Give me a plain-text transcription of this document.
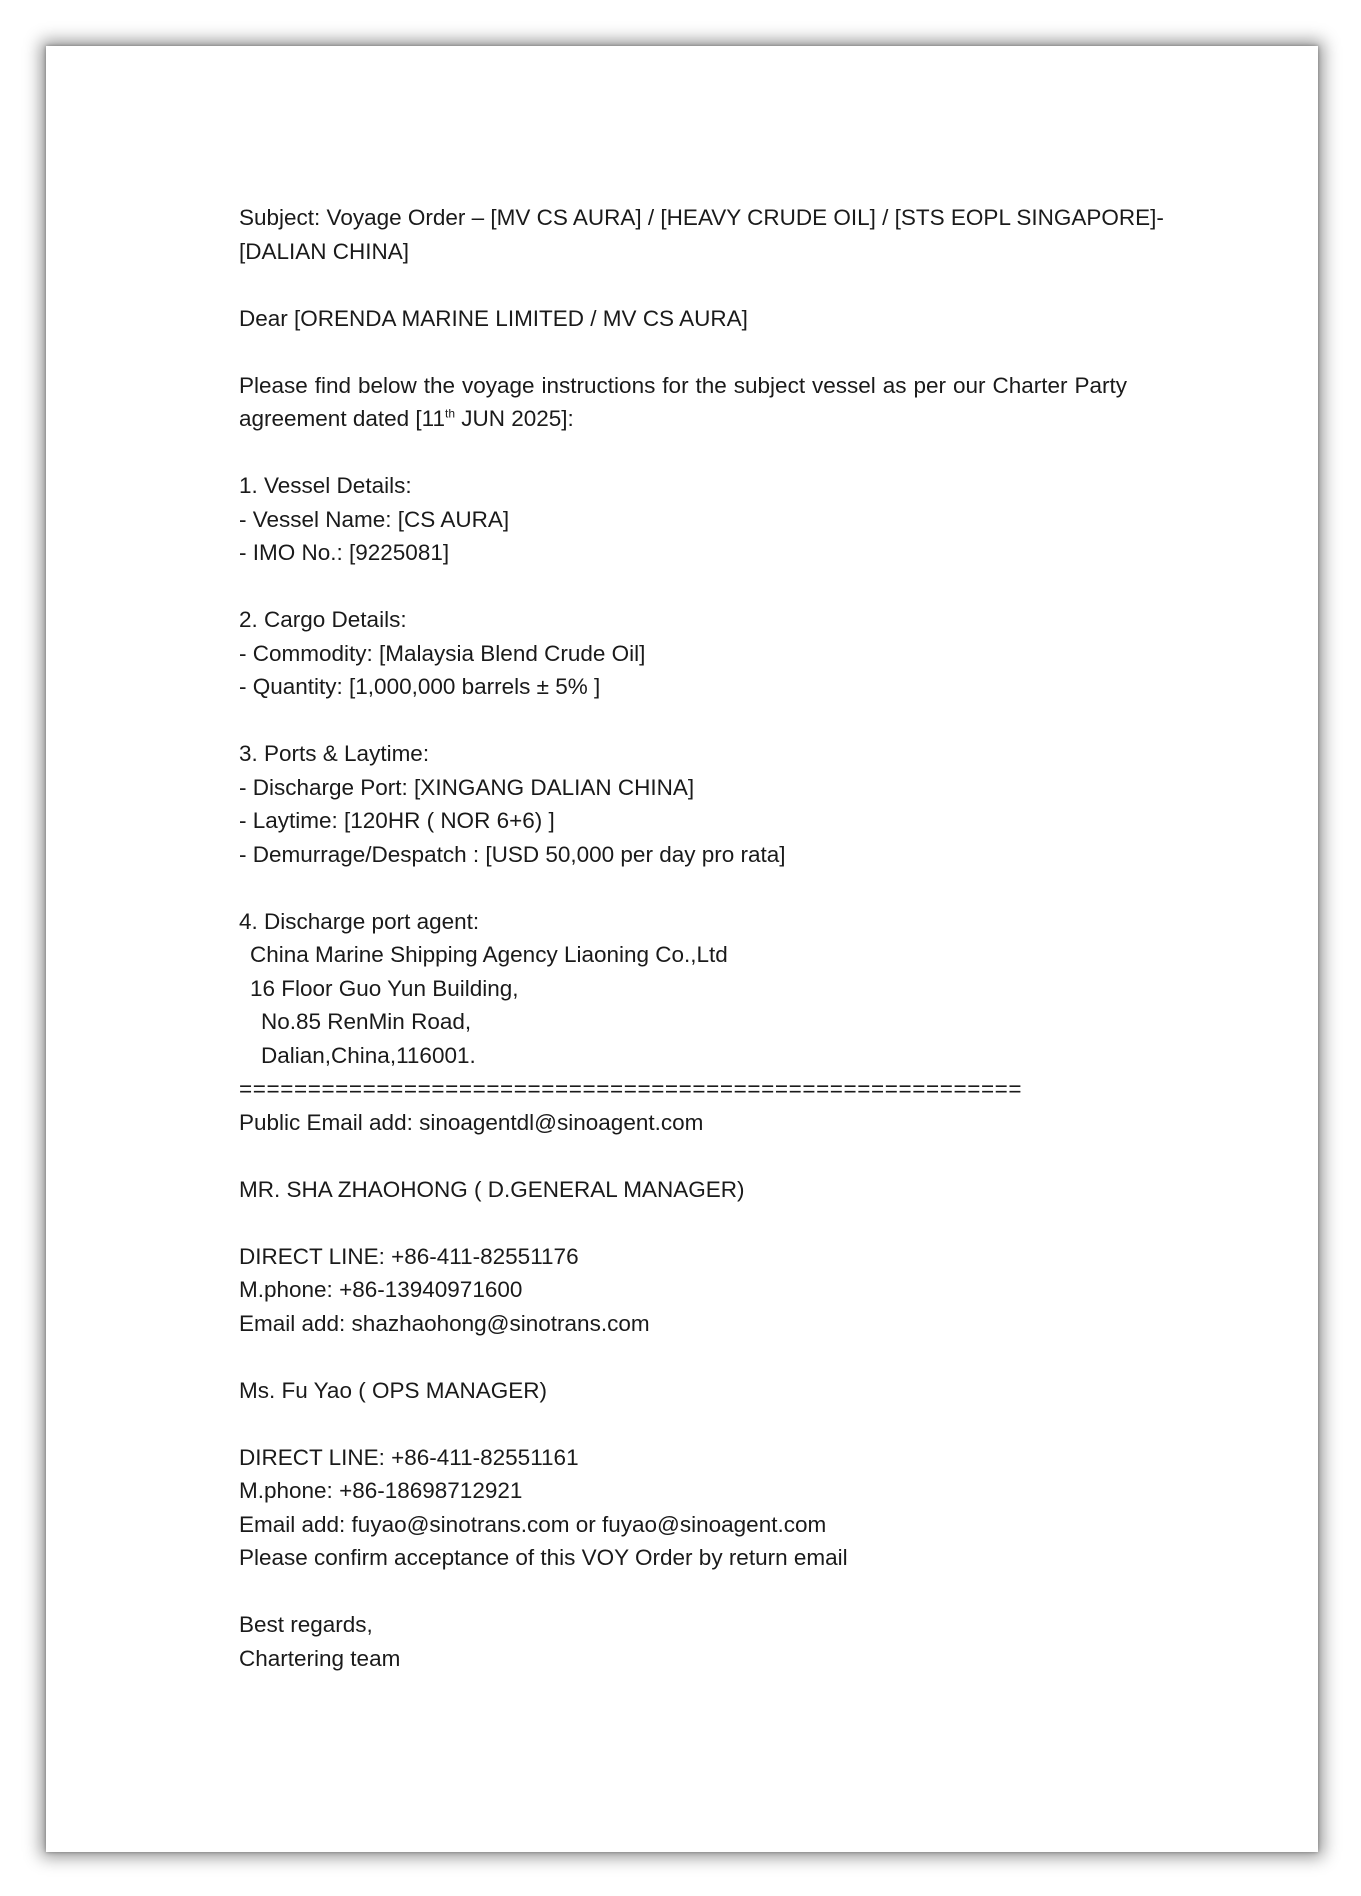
Subject: Voyage Order – [MV CS AURA] / [HEAVY CRUDE OIL] / [STS EOPL SINGAPORE]-
[DALIAN CHINA]

Dear [ORENDA MARINE LIMITED / MV CS AURA]

Please find below the voyage instructions for the subject vessel as per our Charter Party agreement dated [11th JUN 2025]:

1. Vessel Details:
- Vessel Name: [CS AURA]
- IMO No.: [9225081]

2. Cargo Details:
- Commodity: [Malaysia Blend Crude Oil]
- Quantity: [1,000,000 barrels ± 5% ]

3. Ports & Laytime:
- Discharge Port: [XINGANG DALIAN CHINA]
- Laytime: [120HR ( NOR 6+6) ]
- Demurrage/Despatch : [USD 50,000 per day pro rata]

4. Discharge port agent:
China Marine Shipping Agency Liaoning Co.,Ltd
16 Floor Guo Yun Building,
No.85 RenMin Road,
Dalian,China,116001.

=========================================================

Public Email add: sinoagentdl@sinoagent.com

MR. SHA ZHAOHONG ( D.GENERAL MANAGER)

DIRECT LINE: +86-411-82551176
M.phone: +86-13940971600
Email add: shazhaohong@sinotrans.com

Ms. Fu Yao ( OPS MANAGER)

DIRECT LINE: +86-411-82551161
M.phone: +86-18698712921
Email add: fuyao@sinotrans.com or fuyao@sinoagent.com
Please confirm acceptance of this VOY Order by return email

Best regards,
Chartering team
